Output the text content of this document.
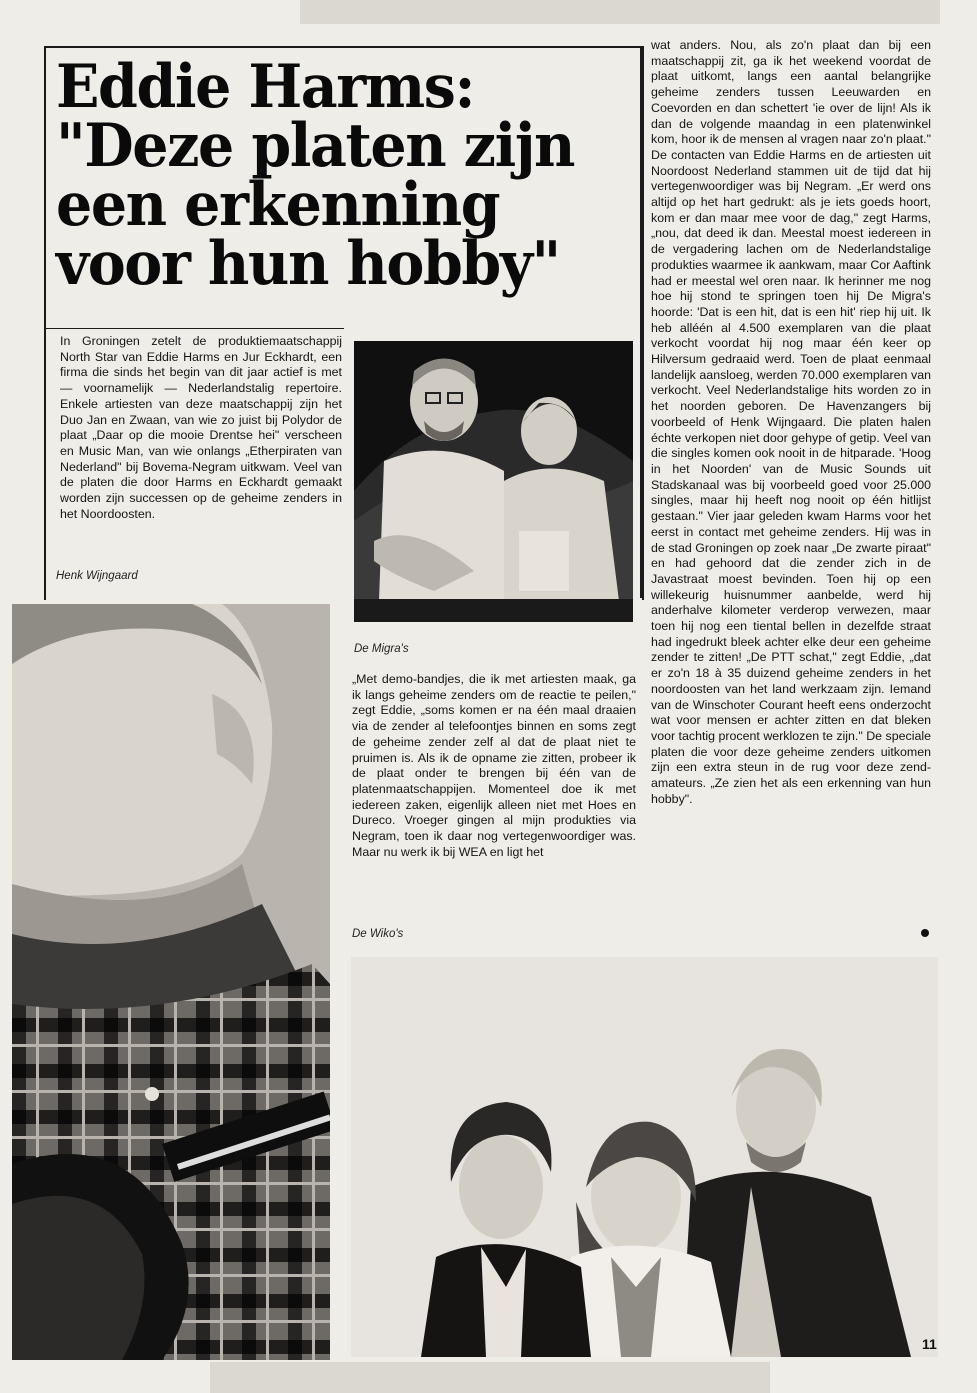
Eddie Harms: "Deze platen zijn een erkenning voor hun hobby"

In Groningen zetelt de produktiemaatschappij North Star van Eddie Harms en Jur Eckhardt, een firma die sinds het begin van dit jaar actief is met — voornamelijk — Nederlandstalig repertoire. Enkele artiesten van deze maatschappij zijn het Duo Jan en Zwaan, van wie zo juist bij Polydor de plaat „Daar op die mooie Drentse hei" verscheen en Music Man, van wie onlangs „Etherpiraten van Nederland" bij Bovema-Negram uitkwam. Veel van de platen die door Harms en Eckhardt gemaakt worden zijn successen op de geheime zenders in het Noordoosten.

Henk Wijngaard
De Migra's

„Met demo-bandjes, die ik met artiesten maak, ga ik langs geheime zenders om de reactie te peilen," zegt Eddie, „soms komen er na één maal draaien via de zender al telefoontjes binnen en soms zegt de geheime zender zelf al dat de plaat niet te pruimen is. Als ik de opname zie zitten, probeer ik de plaat onder te brengen bij één van de platenmaatschappijen. Momenteel doe ik met iedereen zaken, eigenlijk alleen niet met Hoes en Dureco. Vroeger gingen al mijn produkties via Negram, toen ik daar nog vertegenwoordiger was. Maar nu werk ik bij WEA en ligt het

De Wiko's

wat anders. Nou, als zo'n plaat dan bij een maatschappij zit, ga ik het weekend voordat de plaat uitkomt, langs een aantal belangrijke geheime zenders tussen Leeuwarden en Coevorden en dan schettert 'ie over de lijn! Als ik dan de volgende maandag in een platenwinkel kom, hoor ik de mensen al vragen naar zo'n plaat." De contacten van Eddie Harms en de artiesten uit Noordoost Nederland stammen uit de tijd dat hij vertegenwoordiger was bij Negram. „Er werd ons altijd op het hart gedrukt: als je iets goeds hoort, kom er dan maar mee voor de dag," zegt Harms, „nou, dat deed ik dan. Meestal moest iedereen in de vergadering lachen om de Nederlandstalige produkties waarmee ik aankwam, maar Cor Aaftink had er meestal wel oren naar. Ik herinner me nog hoe hij stond te springen toen hij De Migra's hoorde: 'Dat is een hit, dat is een hit' riep hij uit. Ik heb alléén al 4.500 exemplaren van die plaat verkocht voordat hij nog maar één keer op Hilversum gedraaid werd. Toen de plaat eenmaal landelijk aansloeg, werden 70.000 exemplaren van verkocht. Veel Nederlandstalige hits worden zo in het noorden geboren. De Havenzangers bij voorbeeld of Henk Wijngaard. Die platen halen échte verkopen niet door gehype of getip. Veel van die singles komen ook nooit in de hitparade. 'Hoog in het Noorden' van de Music Sounds uit Stadskanaal was bij voorbeeld goed voor 25.000 singles, maar hij heeft nog nooit op één hitlijst gestaan." Vier jaar geleden kwam Harms voor het eerst in contact met geheime zenders. Hij was in de stad Groningen op zoek naar „De zwarte piraat" en had gehoord dat die zender zich in de Javastraat moest bevinden. Toen hij op een willekeurig huisnummer aanbelde, werd hij anderhalve kilometer verderop verwezen, maar toen hij nog een tiental bellen in dezelfde straat had ingedrukt bleek achter elke deur een geheime zender te zitten! „De PTT schat," zegt Eddie, „dat er zo'n 18 à 35 duizend geheime zenders in het noordoosten van het land werkzaam zijn. Iemand van de Winschoter Courant heeft eens onderzocht wat voor mensen er achter zitten en dat bleken voor tachtig procent werklozen te zijn." De speciale platen die voor deze geheime zenders uitkomen zijn een extra steun in de rug voor deze zend-amateurs. „Ze zien het als een erkenning van hun hobby".

11
